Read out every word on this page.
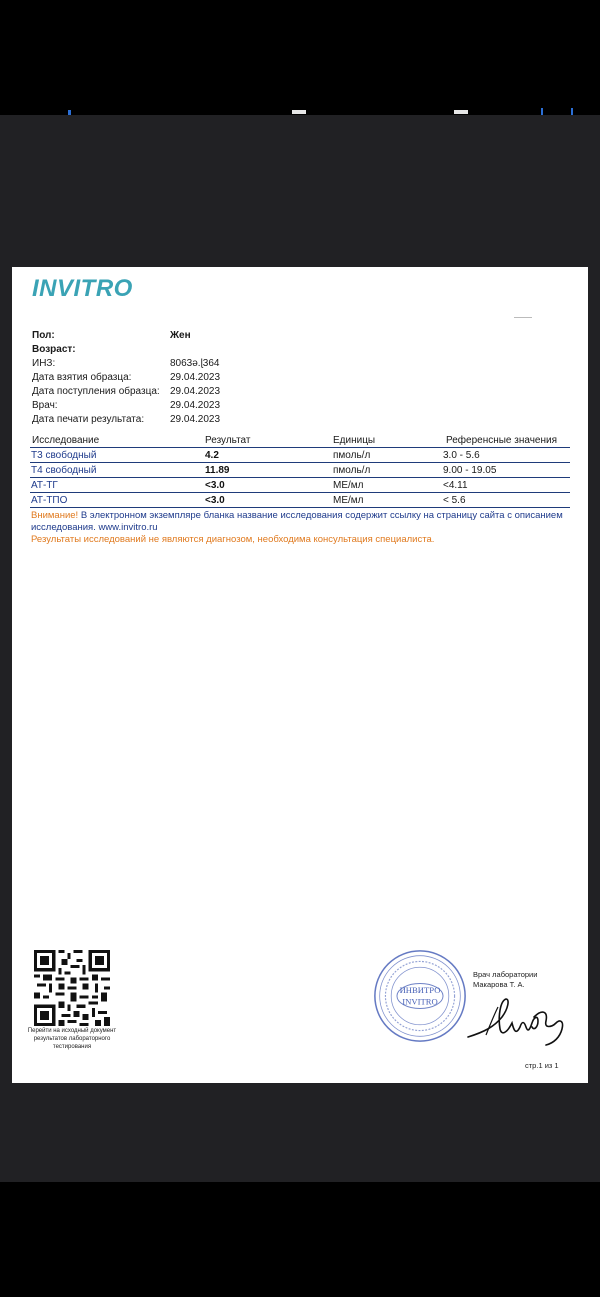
INVITRO
Пол:	Жен
Возраст:
ИНЗ:	8063ǝ.ɭ364
Дата взятия образца:	29.04.2023
Дата поступления образца: 29.04.2023
Врач:	29.04.2023
Дата печати результата:	29.04.2023
Исследование	Результат	Единицы	Референсные значения
Т3 свободный	4.2	пмоль/л	3.0 - 5.6
Т4 свободный	11.89	пмоль/л	9.00 - 19.05
АТ-ТГ	<3.0	МЕ/мл	<4.11
АТ-ТПО	<3.0	МЕ/мл	< 5.6
Внимание! В электронном экземпляре бланка название исследования содержит ссылку на страницу сайта с описанием
исследования. www.invitro.ru
Результаты исследований не являются диагнозом, необходима консультация специалиста.
Перейти на исходный документ результатов лабораторного тестирования
ИНВИТРО
INVITRO
Врач лаборатории
Макарова Т. А.
стр.1 из 1
